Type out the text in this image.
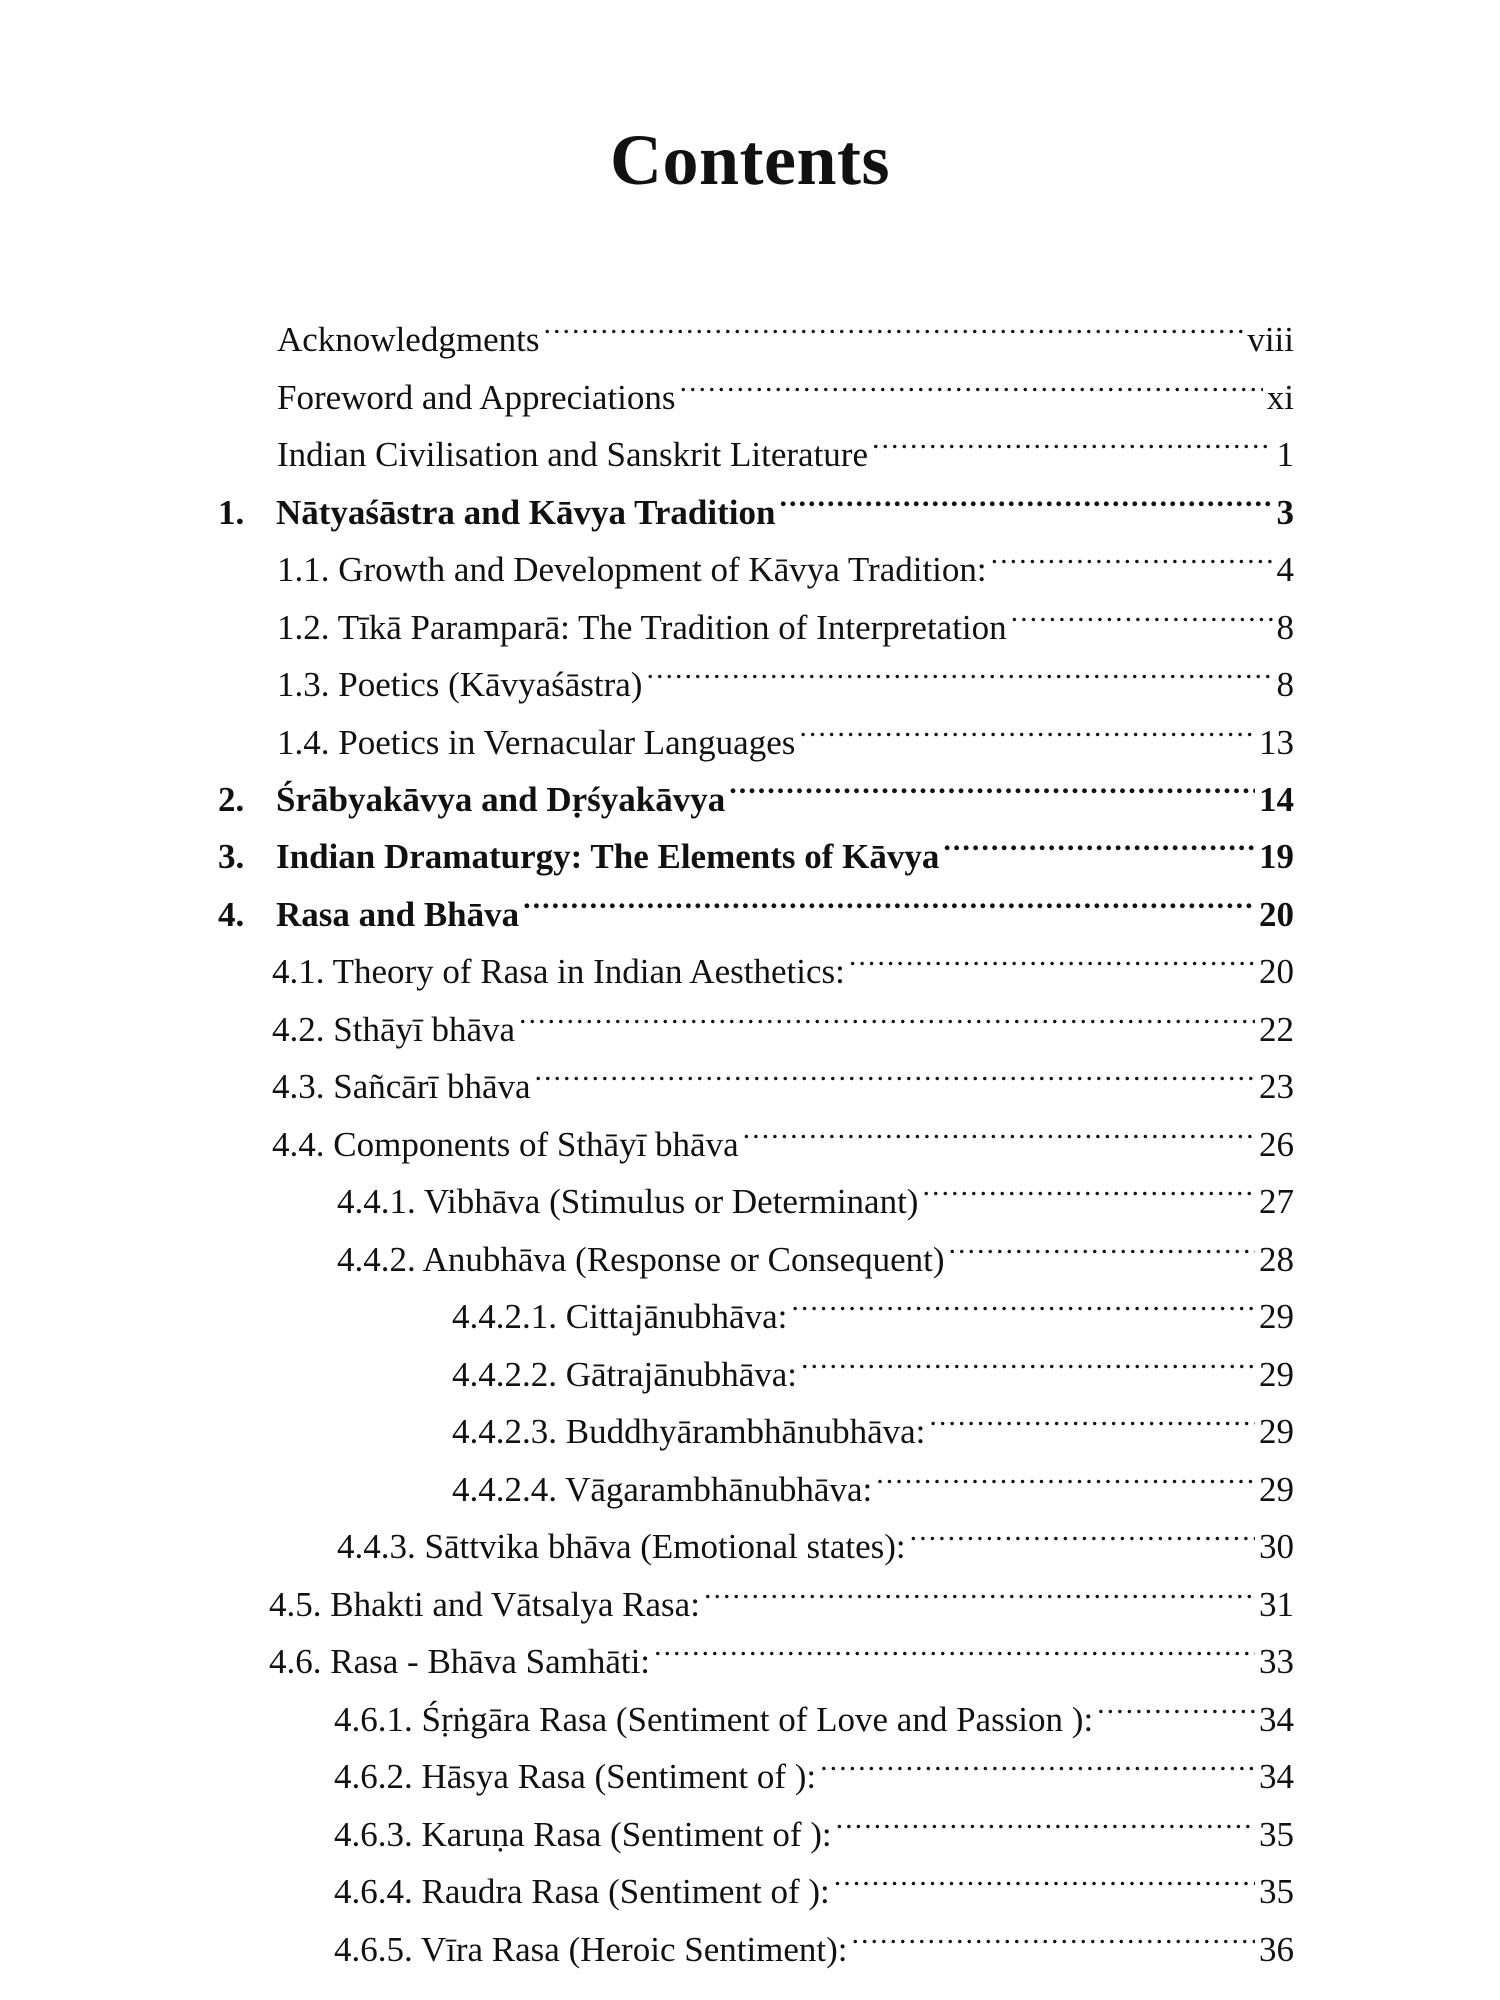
Contents
Acknowledgments .....	viii
Foreword and Appreciations .....	xi
Indian Civilisation and Sanskrit Literature .....	1
1. Nātyaśāstra and Kāvya Tradition .....	3
1.1. Growth and Development of Kāvya Tradition: .....	4
1.2. Tīkā Paramparā: The Tradition of Interpretation .....	8
1.3. Poetics (Kāvyaśāstra) .....	8
1.4. Poetics in Vernacular Languages .....	13
2. Śrābyakāvya and Dṛśyakāvya .....	14
3. Indian Dramaturgy: The Elements of Kāvya .....	19
4. Rasa and Bhāva .....	20
4.1. Theory of Rasa in Indian Aesthetics: .....	20
4.2. Sthāyī bhāva .....	22
4.3. Sañcārī bhāva .....	23
4.4. Components of Sthāyī bhāva .....	26
4.4.1. Vibhāva (Stimulus or Determinant) .....	27
4.4.2. Anubhāva (Response or Consequent) .....	28
4.4.2.1. Cittajānubhāva: .....	29
4.4.2.2. Gātrajānubhāva: .....	29
4.4.2.3. Buddhyārambhānubhāva: .....	29
4.4.2.4. Vāgarambhānubhāva: .....	29
4.4.3. Sāttvika bhāva (Emotional states): .....	30
4.5. Bhakti and Vātsalya Rasa: .....	31
4.6. Rasa - Bhāva Samhāti: .....	33
4.6.1. Śṛṅgāra Rasa (Sentiment of Love and Passion ): .....	34
4.6.2. Hāsya Rasa (Sentiment of ): .....	34
4.6.3. Karuṇa Rasa (Sentiment of ): .....	35
4.6.4. Raudra Rasa (Sentiment of ): .....	35
4.6.5. Vīra Rasa (Heroic Sentiment): .....	36
